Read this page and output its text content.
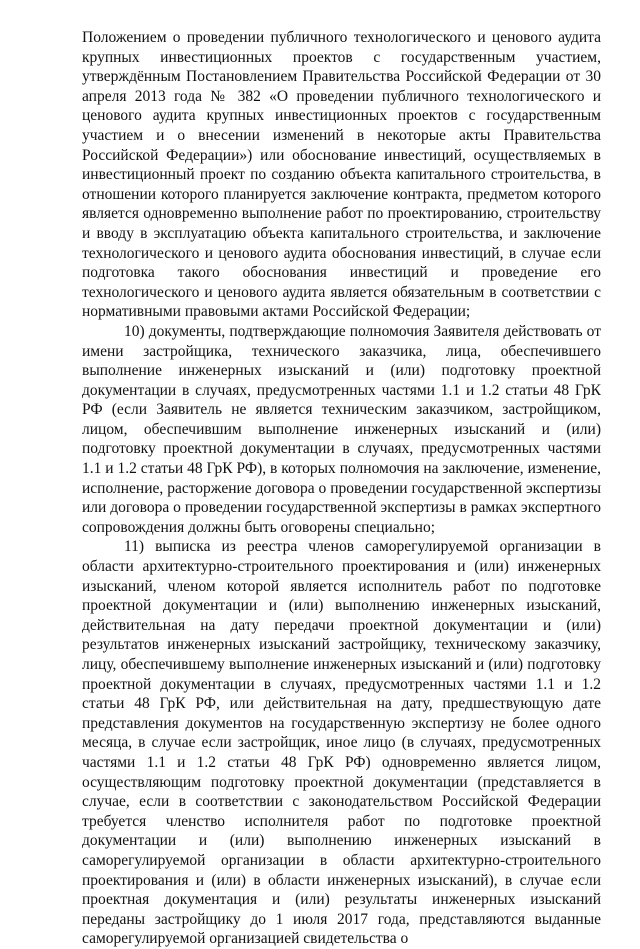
Положением о проведении публичного технологического и ценового аудита крупных инвестиционных проектов с государственным участием, утверждённым Постановлением Правительства Российской Федерации от 30 апреля 2013 года № 382 «О проведении публичного технологического и ценового аудита крупных инвестиционных проектов с государственным участием и о внесении изменений в некоторые акты Правительства Российской Федерации») или обоснование инвестиций, осуществляемых в инвестиционный проект по созданию объекта капитального строительства, в отношении которого планируется заключение контракта, предметом которого является одновременно выполнение работ по проектированию, строительству и вводу в эксплуатацию объекта капитального строительства, и заключение технологического и ценового аудита обоснования инвестиций, в случае если подготовка такого обоснования инвестиций и проведение его технологического и ценового аудита является обязательным в соответствии с нормативными правовыми актами Российской Федерации;

10) документы, подтверждающие полномочия Заявителя действовать от имени застройщика, технического заказчика, лица, обеспечившего выполнение инженерных изысканий и (или) подготовку проектной документации в случаях, предусмотренных частями 1.1 и 1.2 статьи 48 ГрК РФ (если Заявитель не является техническим заказчиком, застройщиком, лицом, обеспечившим выполнение инженерных изысканий и (или) подготовку проектной документации в случаях, предусмотренных частями 1.1 и 1.2 статьи 48 ГрК РФ), в которых полномочия на заключение, изменение, исполнение, расторжение договора о проведении государственной экспертизы или договора о проведении государственной экспертизы в рамках экспертного сопровождения должны быть оговорены специально;

11) выписка из реестра членов саморегулируемой организации в области архитектурно-строительного проектирования и (или) инженерных изысканий, членом которой является исполнитель работ по подготовке проектной документации и (или) выполнению инженерных изысканий, действительная на дату передачи проектной документации и (или) результатов инженерных изысканий застройщику, техническому заказчику, лицу, обеспечившему выполнение инженерных изысканий и (или) подготовку проектной документации в случаях, предусмотренных частями 1.1 и 1.2 статьи 48 ГрК РФ, или действительная на дату, предшествующую дате представления документов на государственную экспертизу не более одного месяца, в случае если застройщик, иное лицо (в случаях, предусмотренных частями 1.1 и 1.2 статьи 48 ГрК РФ) одновременно является лицом, осуществляющим подготовку проектной документации (представляется в случае, если в соответствии с законодательством Российской Федерации требуется членство исполнителя работ по подготовке проектной документации и (или) выполнению инженерных изысканий в саморегулируемой организации в области архитектурно-строительного проектирования и (или) в области инженерных изысканий), в случае если проектная документация и (или) результаты инженерных изысканий переданы застройщику до 1 июля 2017 года, представляются выданные саморегулируемой организацией свидетельства о
